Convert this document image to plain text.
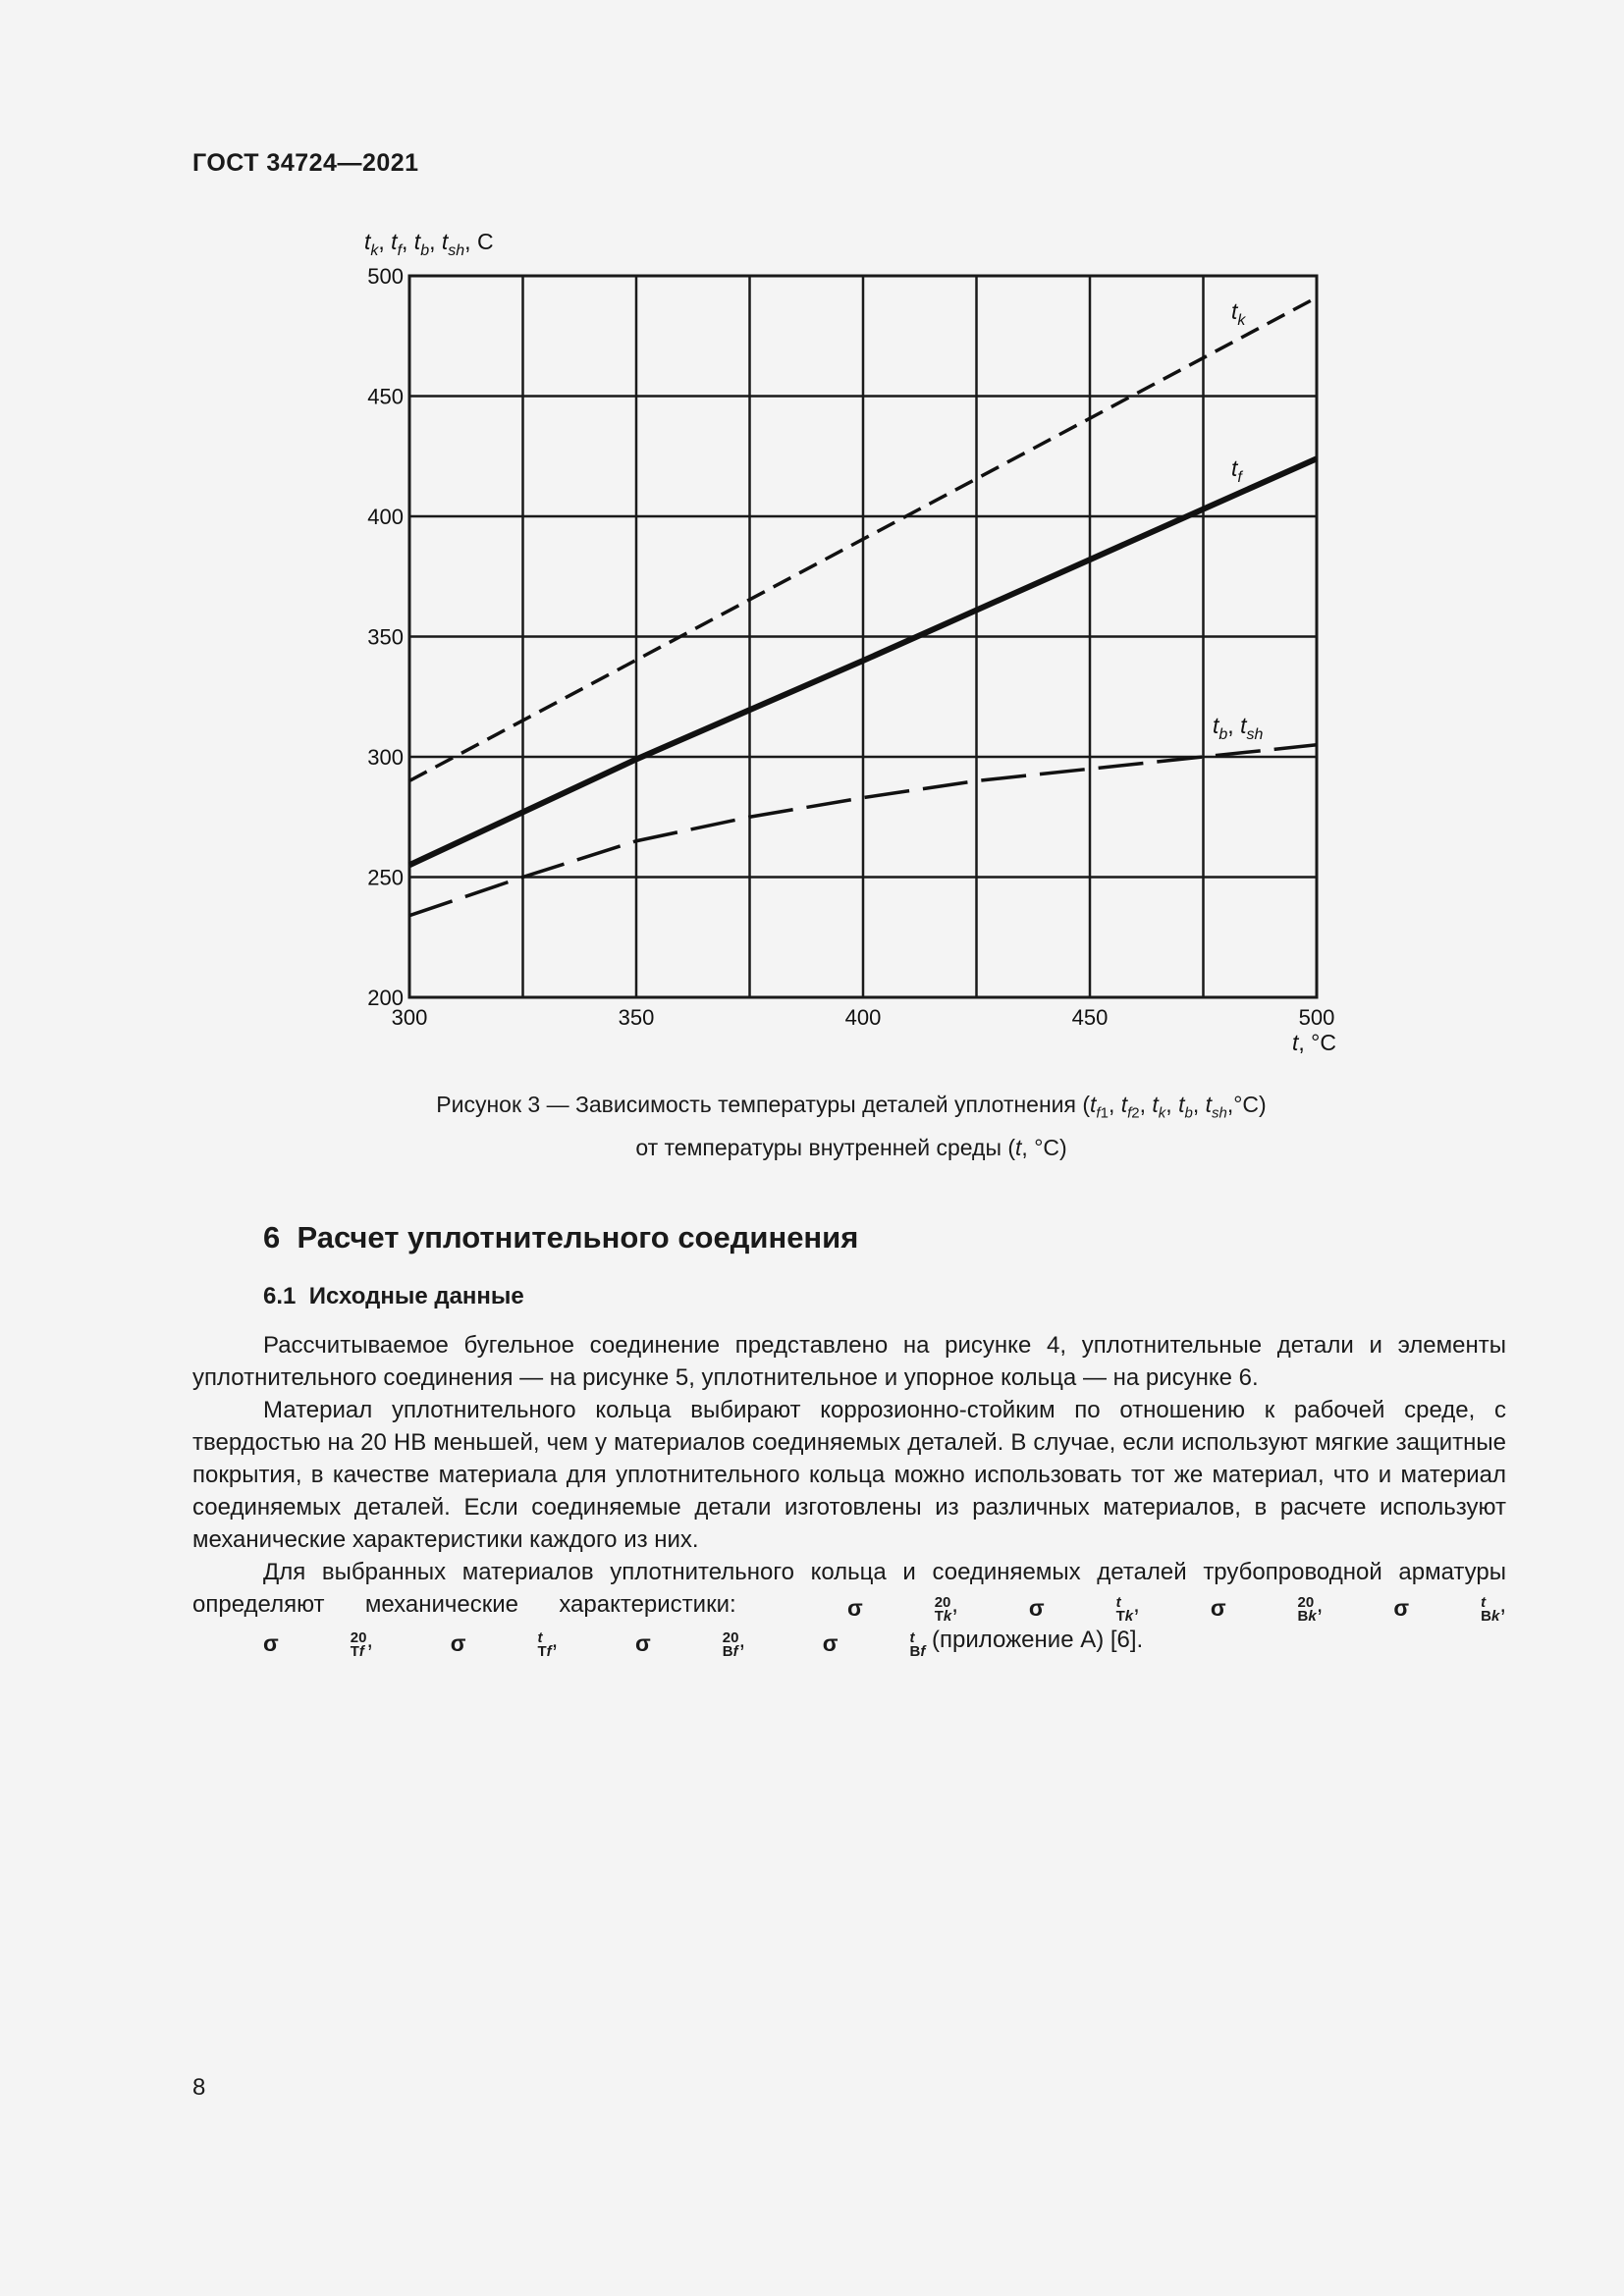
ГОСТ 34724—2021
200
250
300
350
400
450
500
300	350	400	450	500
$t_k$, $t_f$, $t_b$, $t_{sh}$, С
t, °С
$t_k$
$t_f$
$t_b$, $t_{sh}$
Рисунок 3 — Зависимость температуры деталей уплотнения ($t_{f1}$, $t_{f2}$, $t_k$, $t_b$, $t_{sh},^\circ С$)
от температуры внутренней среды (t, °С)
6 Расчет уплотнительного соединения
6.1 Исходные данные

Рассчитываемое бугельное соединение представлено на рисунке 4, уплотнительные детали и элементы уплотнительного соединения — на рисунке 5, уплотнительное и упорное кольца — на рисунке 6.

Материал уплотнительного кольца выбирают коррозионно-стойким по отношению к рабочей среде, с твердостью на 20 НВ меньшей, чем у материалов соединяемых деталей. В случае, если используют мягкие защитные покрытия, в качестве материала для уплотнительного кольца можно использовать тот же материал, что и материал соединяемых деталей. Если соединяемые детали изготовлены из различных материалов, в расчете используют механические характеристики каждого из них.

Для выбранных материалов уплотнительного кольца и соединяемых деталей трубопроводной арматуры определяют механические характеристики:	σ	20
Tk ,	σ	t
Tk ,	σ	20
Bk ,	σ	t
Bk ,σ	20
Tf ,	σ	t
Tf ,	σ	20
Bf ,	σ	t
Bf (приложение А) [6].

8
